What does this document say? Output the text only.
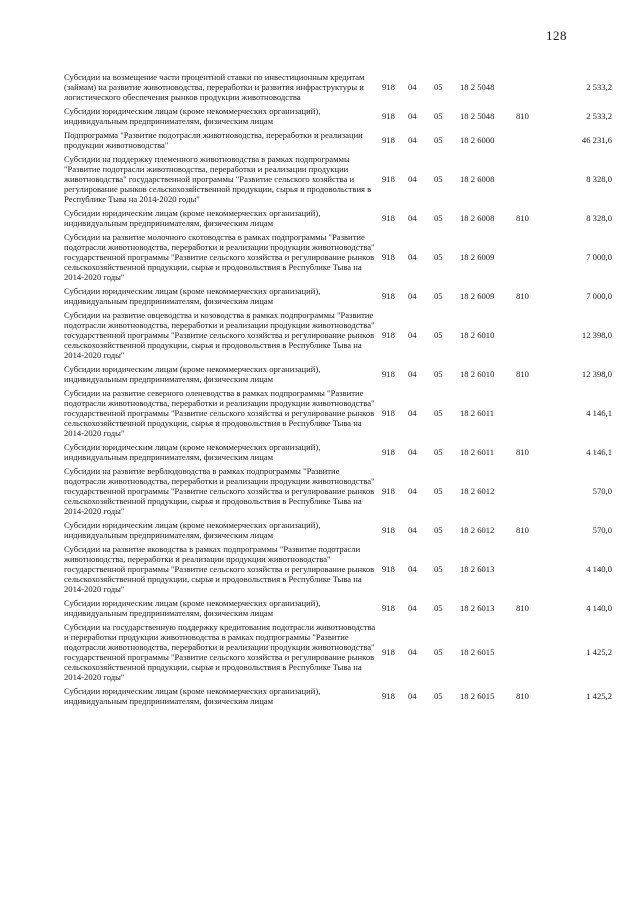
128
Субсидии на возмещение части процентной ставки по инвестиционным кредитам (займам) на развитие животноводства, переработки и развития инфраструктуры и логистического обеспечения рынков продукции животноводства	918	04	05	18 2 5048		2 533,2
Субсидии юридическим лицам (кроме некоммерческих организаций), индивидуальным предпринимателям, физическим лицам	918	04	05	18 2 5048	810	2 533,2
Подпрограмма "Развитие подотрасли животноводства, переработки и реализации продукции животноводства"	918	04	05	18 2 6000		46 231,6
Субсидии на поддержку племенного животноводства в рамках подпрограммы "Развитие подотрасли животноводства, переработки и реализации продукции животноводства" государственной программы "Развитие сельского хозяйства и регулирование рынков сельскохозяйственной продукции, сырья и продовольствия в Республике Тыва на 2014-2020 годы"	918	04	05	18 2 6008		8 328,0
Субсидии юридическим лицам (кроме некоммерческих организаций), индивидуальным предпринимателям, физическим лицам	918	04	05	18 2 6008	810	8 328,0
Субсидии на развитие молочного скотоводства в рамках подпрограммы "Развитие подотрасли животноводства, переработки и реализации продукции животноводства" государственной программы "Развитие сельского хозяйства и регулирование рынков сельскохозяйственной продукции, сырья и продовольствия в Республике Тыва на 2014-2020 годы"	918	04	05	18 2 6009		7 000,0
Субсидии юридическим лицам (кроме некоммерческих организаций), индивидуальным предпринимателям, физическим лицам	918	04	05	18 2 6009	810	7 000,0
Субсидии на развитие овцеводства и козоводства в рамках подпрограммы "Развитие подотрасли животноводства, переработки и реализации продукции животноводства" государственной программы "Развитие сельского хозяйства и регулирование рынков сельскохозяйственной продукции, сырья и продовольствия в Республике Тыва на 2014-2020 годы"	918	04	05	18 2 6010		12 398,0
Субсидии юридическим лицам (кроме некоммерческих организаций), индивидуальным предпринимателям, физическим лицам	918	04	05	18 2 6010	810	12 398,0
Субсидии на развитие северного оленеводства в рамках подпрограммы "Развитие подотрасли животноводства, переработки и реализации продукции животноводства" государственной программы "Развитие сельского хозяйства и регулирование рынков сельскохозяйственной продукции, сырья и продовольствия в Республике Тыва на 2014-2020 годы"	918	04	05	18 2 6011		4 146,1
Субсидии юридическим лицам (кроме некоммерческих организаций), индивидуальным предпринимателям, физическим лицам	918	04	05	18 2 6011	810	4 146,1
Субсидии на развитие верблюдоводства в рамках подпрограммы "Развитие подотрасли животноводства, переработки и реализации продукции животноводства" государственной программы "Развитие сельского хозяйства и регулирование рынков сельскохозяйственной продукции, сырья и продовольствия в Республике Тыва на 2014-2020 годы"	918	04	05	18 2 6012		570,0
Субсидии юридическим лицам (кроме некоммерческих организаций), индивидуальным предпринимателям, физическим лицам	918	04	05	18 2 6012	810	570,0
Субсидии на развитие яководства в рамках подпрограммы "Развитие подотрасли животноводства, переработки и реализации продукции животноводства" государственной программы "Развитие сельского хозяйства и регулирование рынков сельскохозяйственной продукции, сырья и продовольствия в Республике Тыва на 2014-2020 годы"	918	04	05	18 2 6013		4 140,0
Субсидии юридическим лицам (кроме некоммерческих организаций), индивидуальным предпринимателям, физическим лицам	918	04	05	18 2 6013	810	4 140,0
Субсидии на государственную поддержку кредитования подотрасли животноводства и переработки продукции животноводства в рамках подпрограммы "Развитие подотрасли животноводства, переработки и реализации продукции животноводства" государственной программы "Развитие сельского хозяйства и регулирование рынков сельскохозяйственной продукции, сырья и продовольствия в Республике Тыва на 2014-2020 годы"	918	04	05	18 2 6015		1 425,2
Субсидии юридическим лицам (кроме некоммерческих организаций), индивидуальным предпринимателям, физическим лицам	918	04	05	18 2 6015	810	1 425,2
